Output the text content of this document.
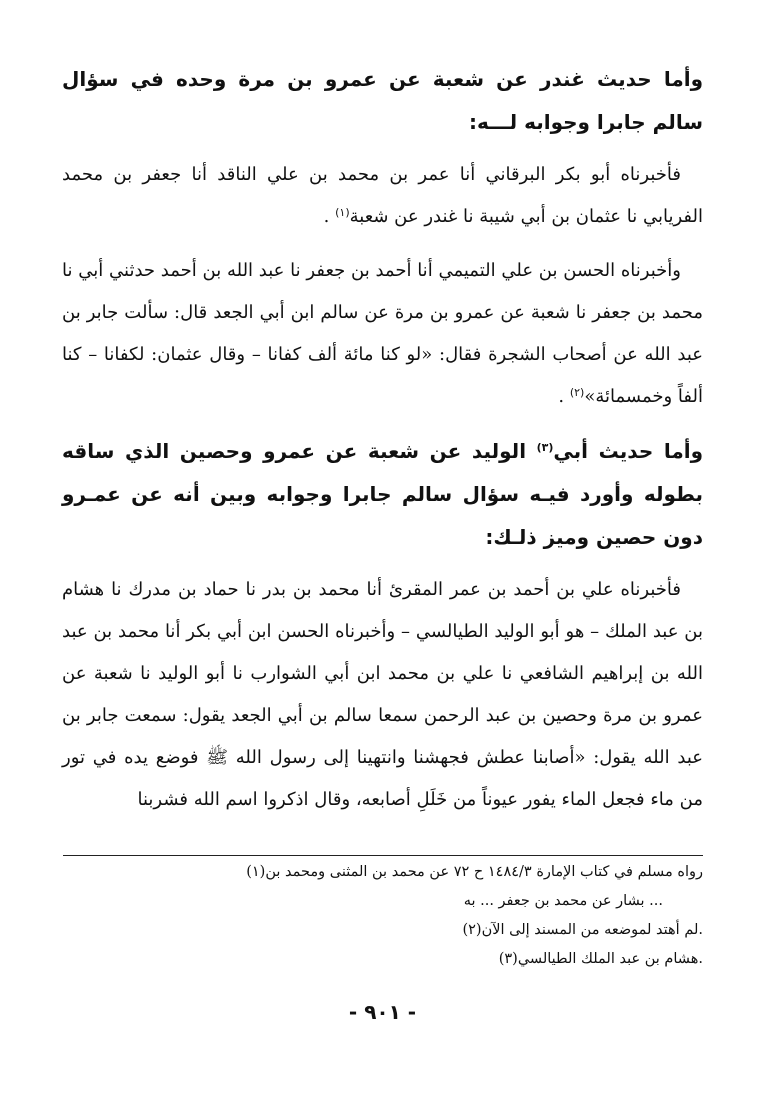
وأما حديث غندر عن شعبة عن عمرو بن مرة وحده في سؤال سالم جابرا وجوابه لـــه:

فأخبرناه أبو بكر البرقاني أنا عمر بن محمد بن علي الناقد أنا جعفر بن محمد الفريابي نا عثمان بن أبي شيبة نا غندر عن شعبة$^{(١)}$ .

وأخبرناه الحسن بن علي التميمي أنا أحمد بن جعفر نا عبد الله بن أحمد حدثني أبي نا محمد بن جعفر نا شعبة عن عمرو بن مرة عن سالم ابن أبي الجعد قال: سألت جابر بن عبد الله عن أصحاب الشجرة فقال: «لو كنا مائة ألف كفانا – وقال عثمان: لكفانا – كنا ألفاً وخمسمائة»$^{(٢)}$ .

وأما حديث أبي$^{(٣)}$ الوليد عن شعبة عن عمرو وحصين الذي ساقه بطوله وأورد فيـه سؤال سالم جابرا وجوابه وبين أنه عن عمـرو دون حصين وميز ذلـك:

فأخبرناه علي بن أحمد بن عمر المقرئ أنا محمد بن بدر نا حماد بن مدرك نا هشام بن عبد الملك – هو أبو الوليد الطيالسي – وأخبرناه الحسن ابن أبي بكر أنا محمد بن عبد الله بن إبراهيم الشافعي نا علي بن محمد ابن أبي الشوارب نا أبو الوليد نا شعبة عن عمرو بن مرة وحصين بن عبد الرحمن سمعا سالم بن أبي الجعد يقول: سمعت جابر بن عبد الله يقول: «أصابنا عطش فجهشنا وانتهينا إلى رسول الله ﷺ فوضع يده في تور من ماء فجعل الماء يفور عيوناً من خَلَلِ أصابعه، وقال اذكروا اسم الله فشربنا

(١)رواه مسلم في كتاب الإمارة ١٤٨٤/٣ ح ٧٢ عن محمد بن المثنى ومحمد بن

بشار عن محمد بن جعفر ... به ...

(٢)لم أهتد لموضعه من المسند إلى الآن.

(٣)هشام بن عبد الملك الطيالسي.

- ٩٠١ -
